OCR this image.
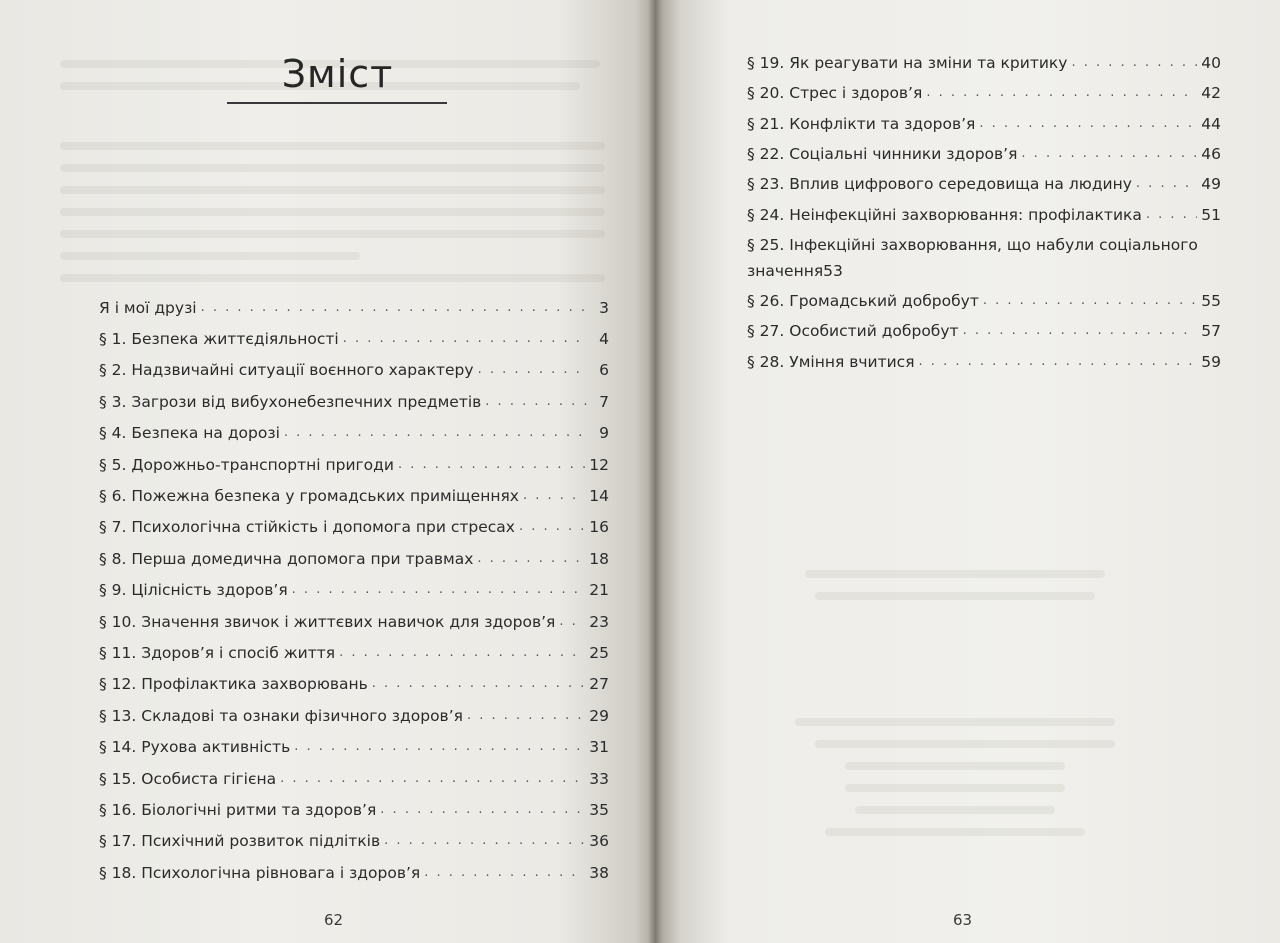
Зміст
Я і мої друзі . . .	3
§ 1. Безпека життєдіяльності . . .	4
§ 2. Надзвичайні ситуації воєнного характеру . . .	6
§ 3. Загрози від вибухонебезпечних предметів . . .	7
§ 4. Безпека на дорозі . . .	9
§ 5. Дорожньо-транспортні пригоди . . .	12
§ 6. Пожежна безпека у громадських приміщеннях . . .	14
§ 7. Психологічна стійкість і допомога при стресах . . .	16
§ 8. Перша домедична допомога при травмах . . .	18
§ 9. Цілісність здоров’я . . .	21
§ 10. Значення звичок і життєвих навичок для здоров’я . . . 23
§ 11. Здоров’я і спосіб життя . . .	25
§ 12. Профілактика захворювань . . .	27
§ 13. Складові та ознаки фізичного здоров’я . . .	29
§ 14. Рухова активність . . .	31
§ 15. Особиста гігієна . . .	33
§ 16. Біологічні ритми та здоров’я . . .	35
§ 17. Психічний розвиток підлітків . . .	36
§ 18. Психологічна рівновага і здоров’я . . .	38
62
§ 19. Як реагувати на зміни та критику . . .	40
§ 20. Стрес і здоров’я . . .	42
§ 21. Конфлікти та здоров’я . . .	44
§ 22. Соціальні чинники здоров’я . . .	46
§ 23. Вплив цифрового середовища на людину . . .	49
§ 24. Неінфекційні захворювання: профілактика . . .	51
§ 25. Інфекційні захворювання, що набули соціального
значення 53
§ 26. Громадський добробут . . .	55
§ 27. Особистий добробут . . .	57
§ 28. Уміння вчитися . . .	59
63
